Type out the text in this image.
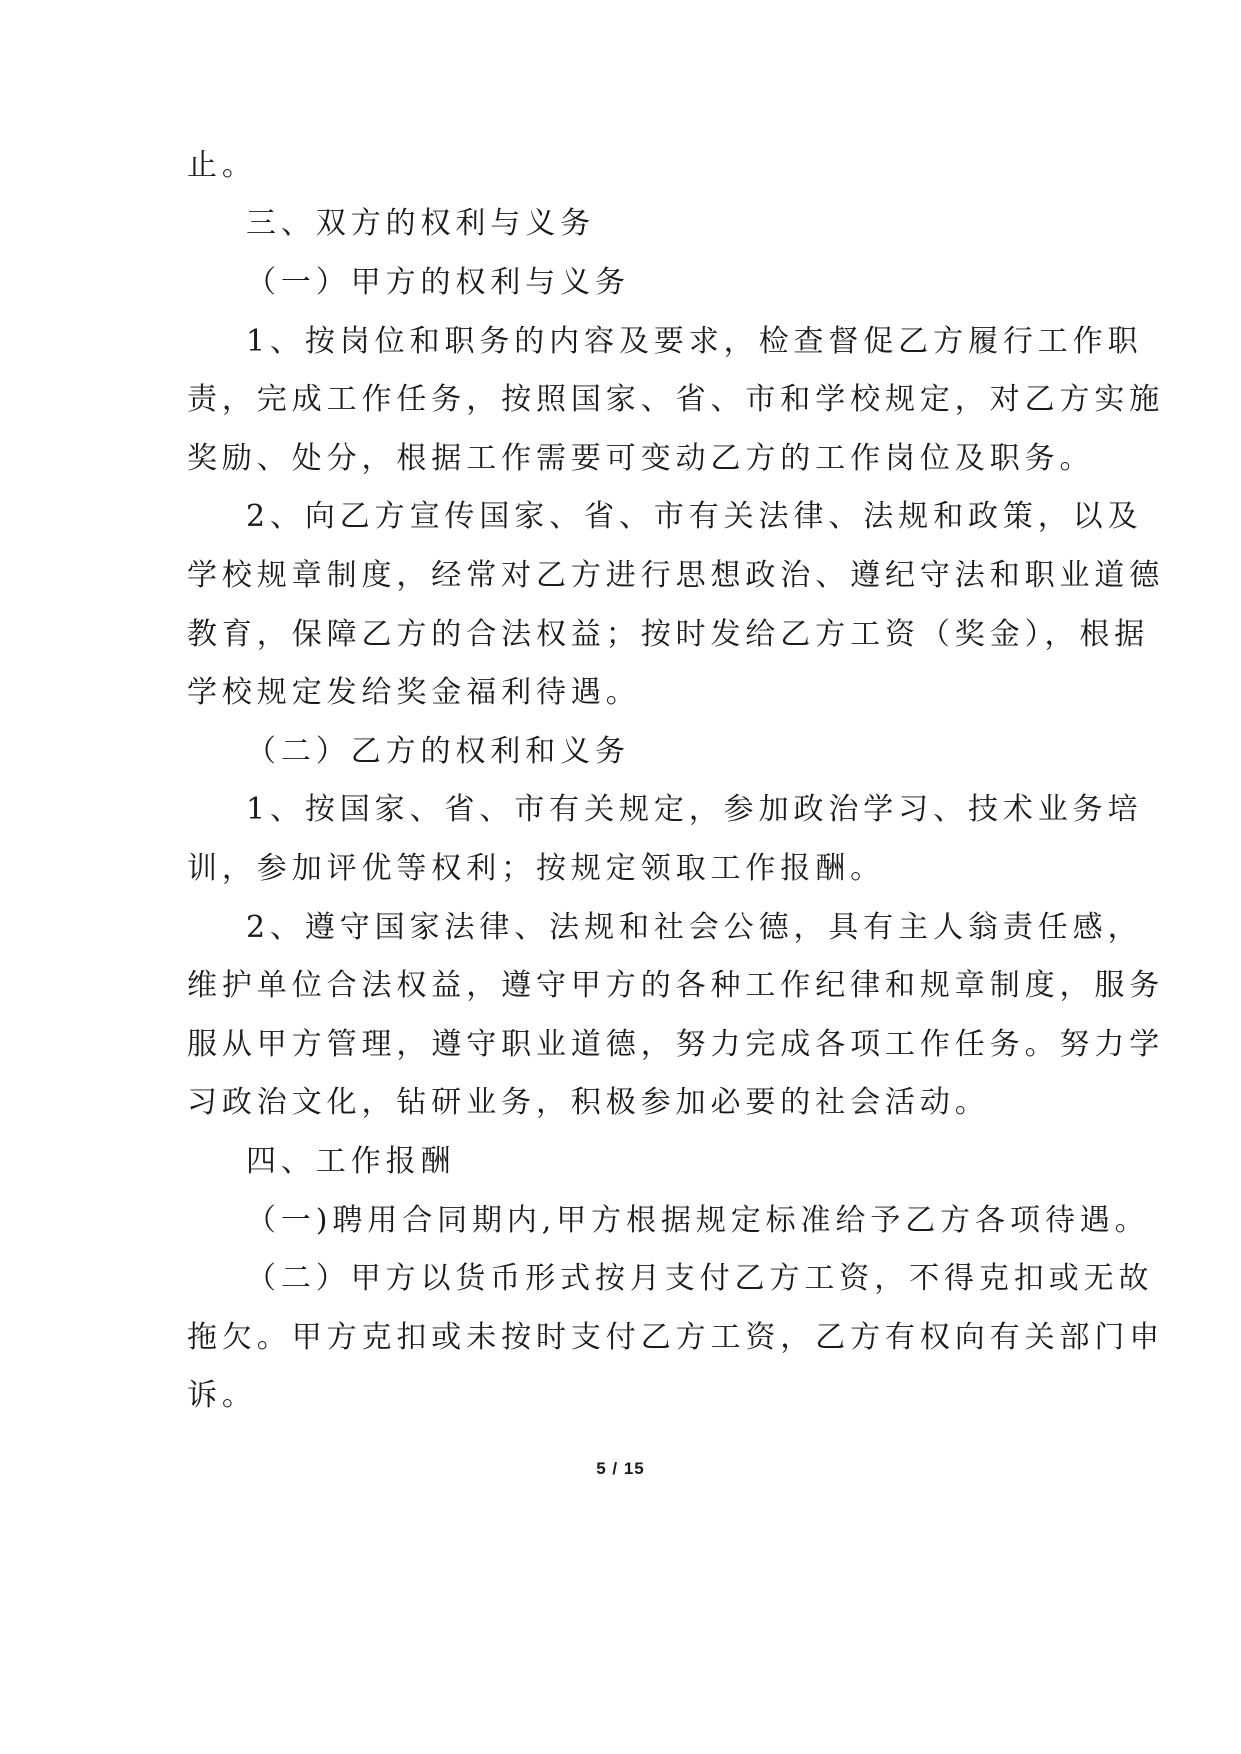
止。
三、双方的权利与义务
（一）甲方的权利与义务
1、按岗位和职务的内容及要求，检查督促乙方履行工作职
责，完成工作任务，按照国家、省、市和学校规定，对乙方实施
奖励、处分，根据工作需要可变动乙方的工作岗位及职务。
2、向乙方宣传国家、省、市有关法律、法规和政策，以及
学校规章制度，经常对乙方进行思想政治、遵纪守法和职业道德
教育，保障乙方的合法权益；按时发给乙方工资（奖金），根据
学校规定发给奖金福利待遇。
（二）乙方的权利和义务
1、按国家、省、市有关规定，参加政治学习、技术业务培
训，参加评优等权利；按规定领取工作报酬。
2、遵守国家法律、法规和社会公德，具有主人翁责任感，
维护单位合法权益，遵守甲方的各种工作纪律和规章制度，服务
服从甲方管理，遵守职业道德，努力完成各项工作任务。努力学
习政治文化，钻研业务，积极参加必要的社会活动。
四、工作报酬
（一)聘用合同期内,甲方根据规定标准给予乙方各项待遇。
（二）甲方以货币形式按月支付乙方工资，不得克扣或无故
拖欠。甲方克扣或未按时支付乙方工资，乙方有权向有关部门申
诉。
5 / 15
